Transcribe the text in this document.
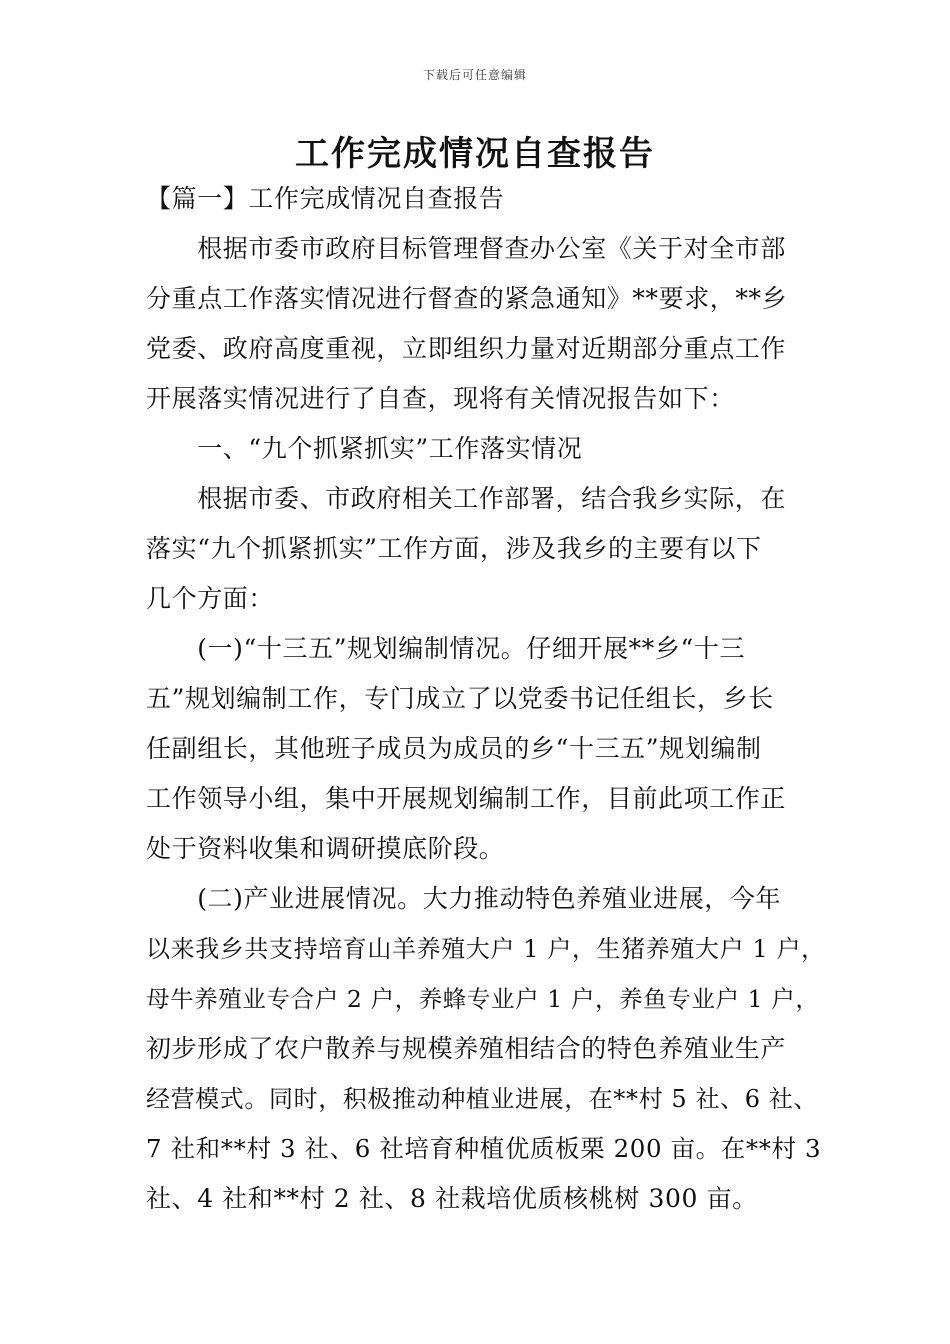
下载后可任意编辑
工作完成情况自查报告
【篇一】工作完成情况自查报告
　　根据市委市政府目标管理督查办公室《关于对全市部
分重点工作落实情况进行督查的紧急通知》**要求，**乡
党委、政府高度重视，立即组织力量对近期部分重点工作
开展落实情况进行了自查，现将有关情况报告如下：
　　一、“九个抓紧抓实”工作落实情况
　　根据市委、市政府相关工作部署，结合我乡实际，在
落实“九个抓紧抓实”工作方面，涉及我乡的主要有以下
几个方面：
　　(一)“十三五”规划编制情况。仔细开展**乡“十三
五”规划编制工作，专门成立了以党委书记任组长，乡长
任副组长，其他班子成员为成员的乡“十三五”规划编制
工作领导小组，集中开展规划编制工作，目前此项工作正
处于资料收集和调研摸底阶段。
　　(二)产业进展情况。大力推动特色养殖业进展，今年
以来我乡共支持培育山羊养殖大户 1 户，生猪养殖大户 1 户，
母牛养殖业专合户 2 户，养蜂专业户 1 户，养鱼专业户 1 户，
初步形成了农户散养与规模养殖相结合的特色养殖业生产
经营模式。同时，积极推动种植业进展，在**村 5 社、6 社、
7 社和**村 3 社、6 社培育种植优质板栗 200 亩。在**村 3
社、4 社和**村 2 社、8 社栽培优质核桃树 300 亩。
